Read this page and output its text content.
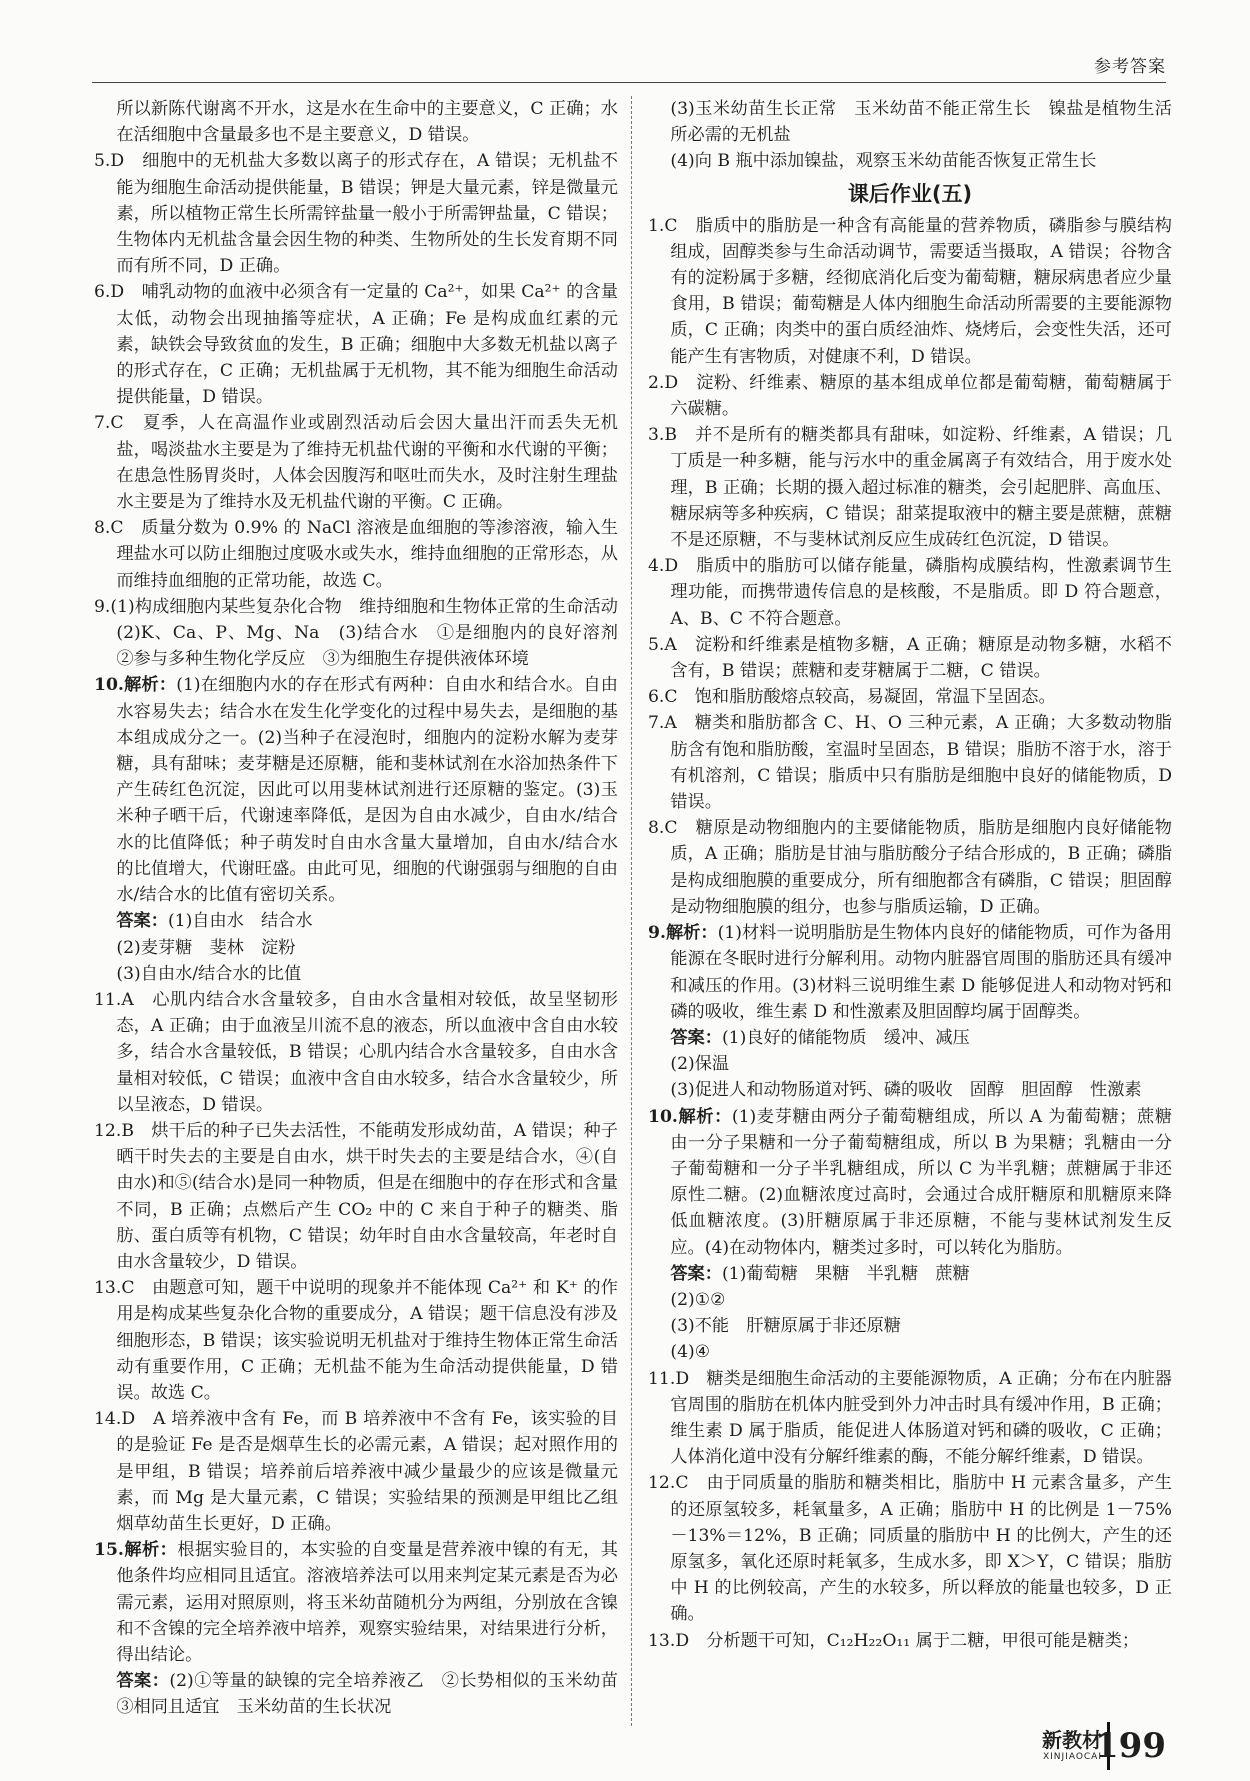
参考答案

所以新陈代谢离不开水，这是水在生命中的主要意义，C 正确；水在活细胞中含量最多也不是主要意义，D 错误。

5.D　细胞中的无机盐大多数以离子的形式存在，A 错误；无机盐不能为细胞生命活动提供能量，B 错误；钾是大量元素，锌是微量元素，所以植物正常生长所需锌盐量一般小于所需钾盐量，C 错误；生物体内无机盐含量会因生物的种类、生物所处的生长发育期不同而有所不同，D 正确。

6.D　哺乳动物的血液中必须含有一定量的 Ca²⁺，如果 Ca²⁺ 的含量太低，动物会出现抽搐等症状，A 正确；Fe 是构成血红素的元素，缺铁会导致贫血的发生，B 正确；细胞中大多数无机盐以离子的形式存在，C 正确；无机盐属于无机物，其不能为细胞生命活动提供能量，D 错误。

7.C　夏季，人在高温作业或剧烈活动后会因大量出汗而丢失无机盐，喝淡盐水主要是为了维持无机盐代谢的平衡和水代谢的平衡；在患急性肠胃炎时，人体会因腹泻和呕吐而失水，及时注射生理盐水主要是为了维持水及无机盐代谢的平衡。C 正确。

8.C　质量分数为 0.9% 的 NaCl 溶液是血细胞的等渗溶液，输入生理盐水可以防止细胞过度吸水或失水，维持血细胞的正常形态，从而维持血细胞的正常功能，故选 C。

9.(1)构成细胞内某些复杂化合物　维持细胞和生物体正常的生命活动　(2)K、Ca、P、Mg、Na　(3)结合水　①是细胞内的良好溶剂　②参与多种生物化学反应　③为细胞生存提供液体环境

10.解析：(1)在细胞内水的存在形式有两种：自由水和结合水。自由水容易失去；结合水在发生化学变化的过程中易失去，是细胞的基本组成成分之一。(2)当种子在浸泡时，细胞内的淀粉水解为麦芽糖，具有甜味；麦芽糖是还原糖，能和斐林试剂在水浴加热条件下产生砖红色沉淀，因此可以用斐林试剂进行还原糖的鉴定。(3)玉米种子晒干后，代谢速率降低，是因为自由水减少，自由水/结合水的比值降低；种子萌发时自由水含量大量增加，自由水/结合水的比值增大，代谢旺盛。由此可见，细胞的代谢强弱与细胞的自由水/结合水的比值有密切关系。

答案：(1)自由水　结合水

(2)麦芽糖　斐林　淀粉

(3)自由水/结合水的比值

11.A　心肌内结合水含量较多，自由水含量相对较低，故呈坚韧形态，A 正确；由于血液呈川流不息的液态，所以血液中含自由水较多，结合水含量较低，B 错误；心肌内结合水含量较多，自由水含量相对较低，C 错误；血液中含自由水较多，结合水含量较少，所以呈液态，D 错误。

12.B　烘干后的种子已失去活性，不能萌发形成幼苗，A 错误；种子晒干时失去的主要是自由水，烘干时失去的主要是结合水，④(自由水)和⑤(结合水)是同一种物质，但是在细胞中的存在形式和含量不同，B 正确；点燃后产生 CO₂ 中的 C 来自于种子的糖类、脂肪、蛋白质等有机物，C 错误；幼年时自由水含量较高，年老时自由水含量较少，D 错误。

13.C　由题意可知，题干中说明的现象并不能体现 Ca²⁺ 和 K⁺ 的作用是构成某些复杂化合物的重要成分，A 错误；题干信息没有涉及细胞形态，B 错误；该实验说明无机盐对于维持生物体正常生命活动有重要作用，C 正确；无机盐不能为生命活动提供能量，D 错误。故选 C。

14.D　A 培养液中含有 Fe，而 B 培养液中不含有 Fe，该实验的目的是验证 Fe 是否是烟草生长的必需元素，A 错误；起对照作用的是甲组，B 错误；培养前后培养液中减少量最少的应该是微量元素，而 Mg 是大量元素，C 错误；实验结果的预测是甲组比乙组烟草幼苗生长更好，D 正确。

15.解析：根据实验目的，本实验的自变量是营养液中镍的有无，其他条件均应相同且适宜。溶液培养法可以用来判定某元素是否为必需元素，运用对照原则，将玉米幼苗随机分为两组，分别放在含镍和不含镍的完全培养液中培养，观察实验结果，对结果进行分析，得出结论。

答案：(2)①等量的缺镍的完全培养液乙　②长势相似的玉米幼苗　③相同且适宜　玉米幼苗的生长状况

(3)玉米幼苗生长正常　玉米幼苗不能正常生长　镍盐是植物生活所必需的无机盐

(4)向 B 瓶中添加镍盐，观察玉米幼苗能否恢复正常生长

课后作业(五)

1.C　脂质中的脂肪是一种含有高能量的营养物质，磷脂参与膜结构组成，固醇类参与生命活动调节，需要适当摄取，A 错误；谷物含有的淀粉属于多糖，经彻底消化后变为葡萄糖，糖尿病患者应少量食用，B 错误；葡萄糖是人体内细胞生命活动所需要的主要能源物质，C 正确；肉类中的蛋白质经油炸、烧烤后，会变性失活，还可能产生有害物质，对健康不利，D 错误。

2.D　淀粉、纤维素、糖原的基本组成单位都是葡萄糖，葡萄糖属于六碳糖。

3.B　并不是所有的糖类都具有甜味，如淀粉、纤维素，A 错误；几丁质是一种多糖，能与污水中的重金属离子有效结合，用于废水处理，B 正确；长期的摄入超过标准的糖类，会引起肥胖、高血压、糖尿病等多种疾病，C 错误；甜菜提取液中的糖主要是蔗糖，蔗糖不是还原糖，不与斐林试剂反应生成砖红色沉淀，D 错误。

4.D　脂质中的脂肪可以储存能量，磷脂构成膜结构，性激素调节生理功能，而携带遗传信息的是核酸，不是脂质。即 D 符合题意，A、B、C 不符合题意。

5.A　淀粉和纤维素是植物多糖，A 正确；糖原是动物多糖，水稻不含有，B 错误；蔗糖和麦芽糖属于二糖，C 错误。

6.C　饱和脂肪酸熔点较高，易凝固，常温下呈固态。

7.A　糖类和脂肪都含 C、H、O 三种元素，A 正确；大多数动物脂肪含有饱和脂肪酸，室温时呈固态，B 错误；脂肪不溶于水，溶于有机溶剂，C 错误；脂质中只有脂肪是细胞中良好的储能物质，D 错误。

8.C　糖原是动物细胞内的主要储能物质，脂肪是细胞内良好储能物质，A 正确；脂肪是甘油与脂肪酸分子结合形成的，B 正确；磷脂是构成细胞膜的重要成分，所有细胞都含有磷脂，C 错误；胆固醇是动物细胞膜的组分，也参与脂质运输，D 正确。

9.解析：(1)材料一说明脂肪是生物体内良好的储能物质，可作为备用能源在冬眠时进行分解利用。动物内脏器官周围的脂肪还具有缓冲和减压的作用。(3)材料三说明维生素 D 能够促进人和动物对钙和磷的吸收，维生素 D 和性激素及胆固醇均属于固醇类。

答案：(1)良好的储能物质　缓冲、减压

(2)保温

(3)促进人和动物肠道对钙、磷的吸收　固醇　胆固醇　性激素

10.解析：(1)麦芽糖由两分子葡萄糖组成，所以 A 为葡萄糖；蔗糖由一分子果糖和一分子葡萄糖组成，所以 B 为果糖；乳糖由一分子葡萄糖和一分子半乳糖组成，所以 C 为半乳糖；蔗糖属于非还原性二糖。(2)血糖浓度过高时，会通过合成肝糖原和肌糖原来降低血糖浓度。(3)肝糖原属于非还原糖，不能与斐林试剂发生反应。(4)在动物体内，糖类过多时，可以转化为脂肪。

答案：(1)葡萄糖　果糖　半乳糖　蔗糖

(2)①②

(3)不能　肝糖原属于非还原糖

(4)④

11.D　糖类是细胞生命活动的主要能源物质，A 正确；分布在内脏器官周围的脂肪在机体内脏受到外力冲击时具有缓冲作用，B 正确；维生素 D 属于脂质，能促进人体肠道对钙和磷的吸收，C 正确；人体消化道中没有分解纤维素的酶，不能分解纤维素，D 错误。

12.C　由于同质量的脂肪和糖类相比，脂肪中 H 元素含量多，产生的还原氢较多，耗氧量多，A 正确；脂肪中 H 的比例是 1－75%－13%＝12%，B 正确；同质量的脂肪中 H 的比例大，产生的还原氢多，氧化还原时耗氧多，生成水多，即 X＞Y，C 错误；脂肪中 H 的比例较高，产生的水较多，所以释放的能量也较多，D 正确。

13.D　分析题干可知，C₁₂H₂₂O₁₁ 属于二糖，甲很可能是糖类；

新教材
XINJIAOCAI
199
